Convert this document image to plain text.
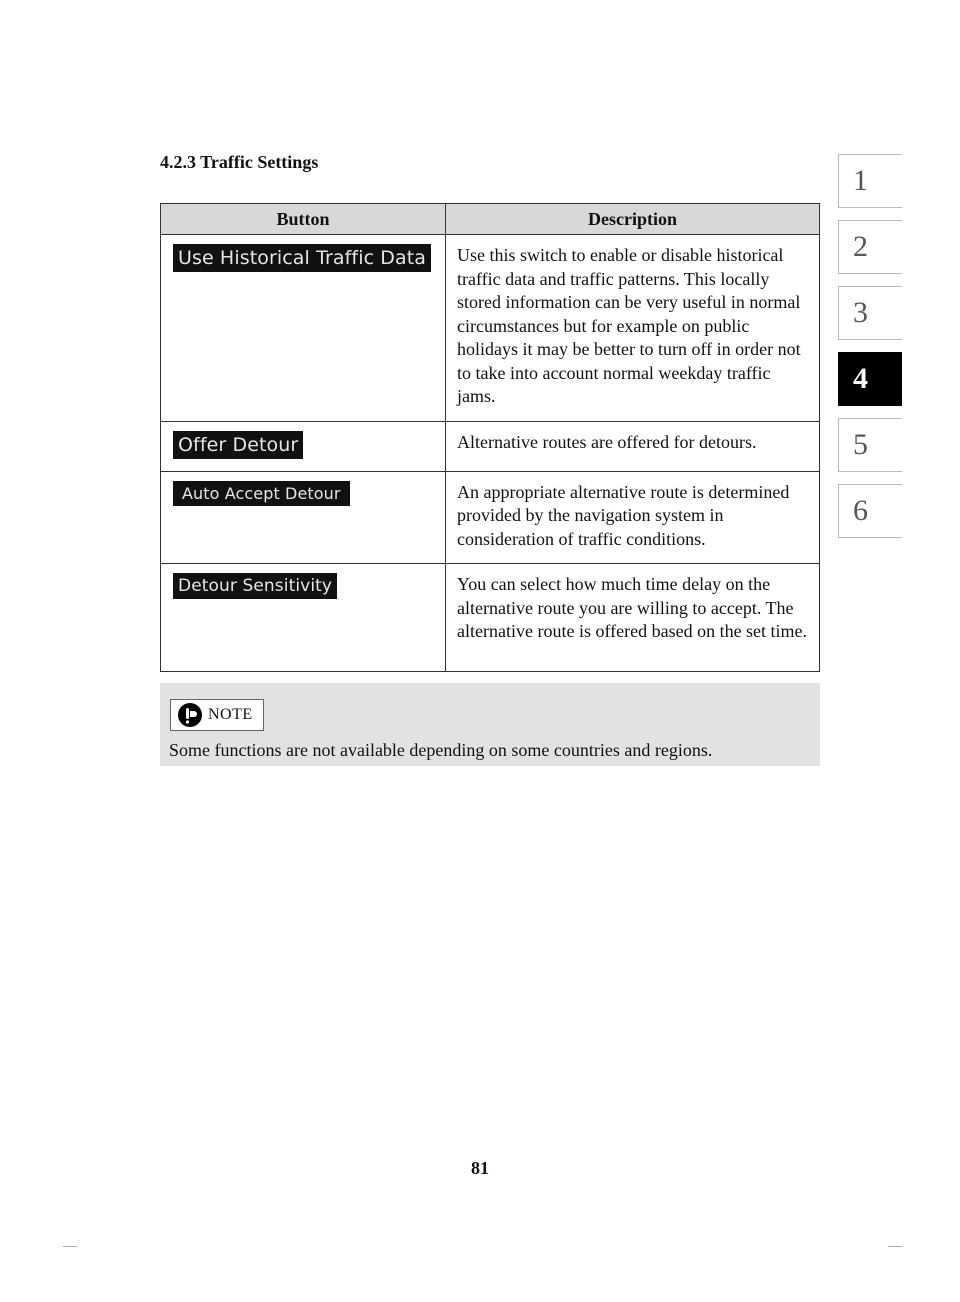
4.2.3 Traffic Settings
Button	Description
Use Historical Traffic Data	Use this switch to enable or disable historical traffic data and traffic patterns. This locally stored information can be very useful in normal circumstances but for example on public holidays it may be better to turn off in order not to take into account normal weekday traffic jams.
Offer Detour	Alternative routes are offered for detours.
Auto Accept Detour	An appropriate alternative route is determined provided by the navigation system in consideration of traffic conditions.
Detour Sensitivity	You can select how much time delay on the alternative route you are willing to accept. The alternative route is offered based on the set time.
NOTE

Some functions are not available depending on some countries and regions.

1
2
3
4
5
6

81
